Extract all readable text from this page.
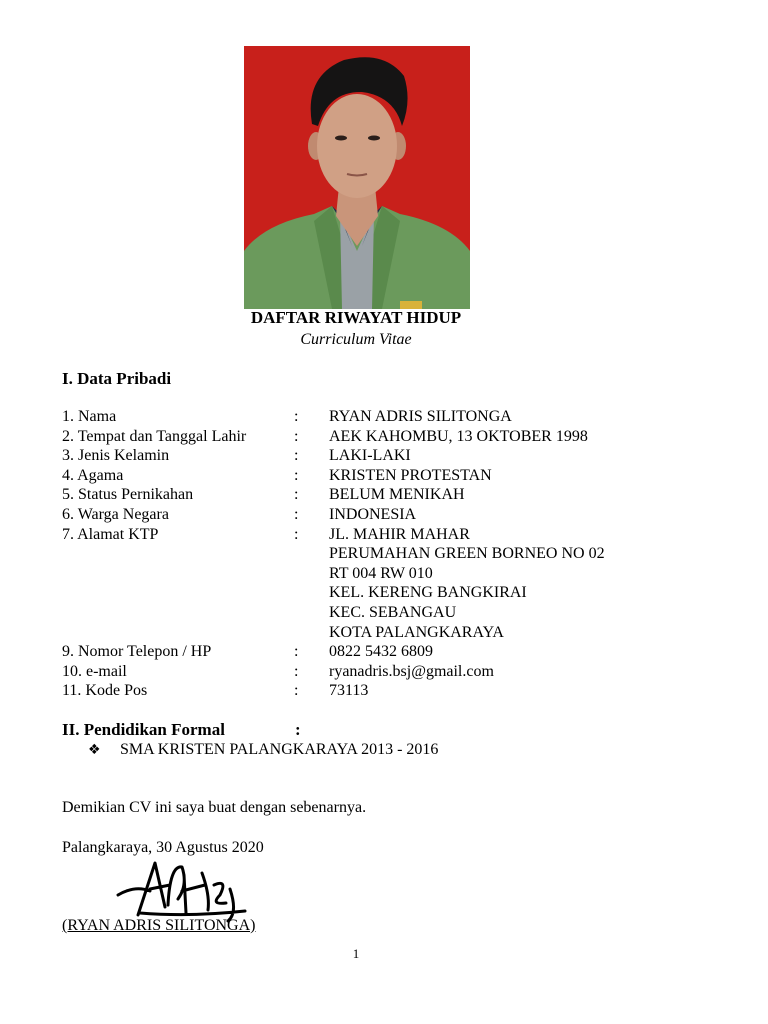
DAFTAR RIWAYAT HIDUP
Curriculum Vitae
I. Data Pribadi
1. Nama	:	RYAN ADRIS SILITONGA
2. Tempat dan Tanggal Lahir	:	AEK KAHOMBU, 13 OKTOBER 1998
3. Jenis Kelamin	:	LAKI-LAKI
4. Agama	:	KRISTEN PROTESTAN
5. Status Pernikahan	:	BELUM MENIKAH
6. Warga Negara	:	INDONESIA
7. Alamat KTP	:	JL. MAHIR MAHAR
PERUMAHAN GREEN BORNEO NO 02
RT 004 RW 010
KEL. KERENG BANGKIRAI
KEC. SEBANGAU
KOTA PALANGKARAYA
9. Nomor Telepon / HP	:	0822 5432 6809
10. e-mail	:	ryanadris.bsj@gmail.com
11. Kode Pos	:	73113
II. Pendidikan Formal	:
❖	SMA KRISTEN PALANGKARAYA 2013 - 2016
Demikian CV ini saya buat dengan sebenarnya.
Palangkaraya, 30 Agustus 2020
(RYAN ADRIS SILITONGA)
1
